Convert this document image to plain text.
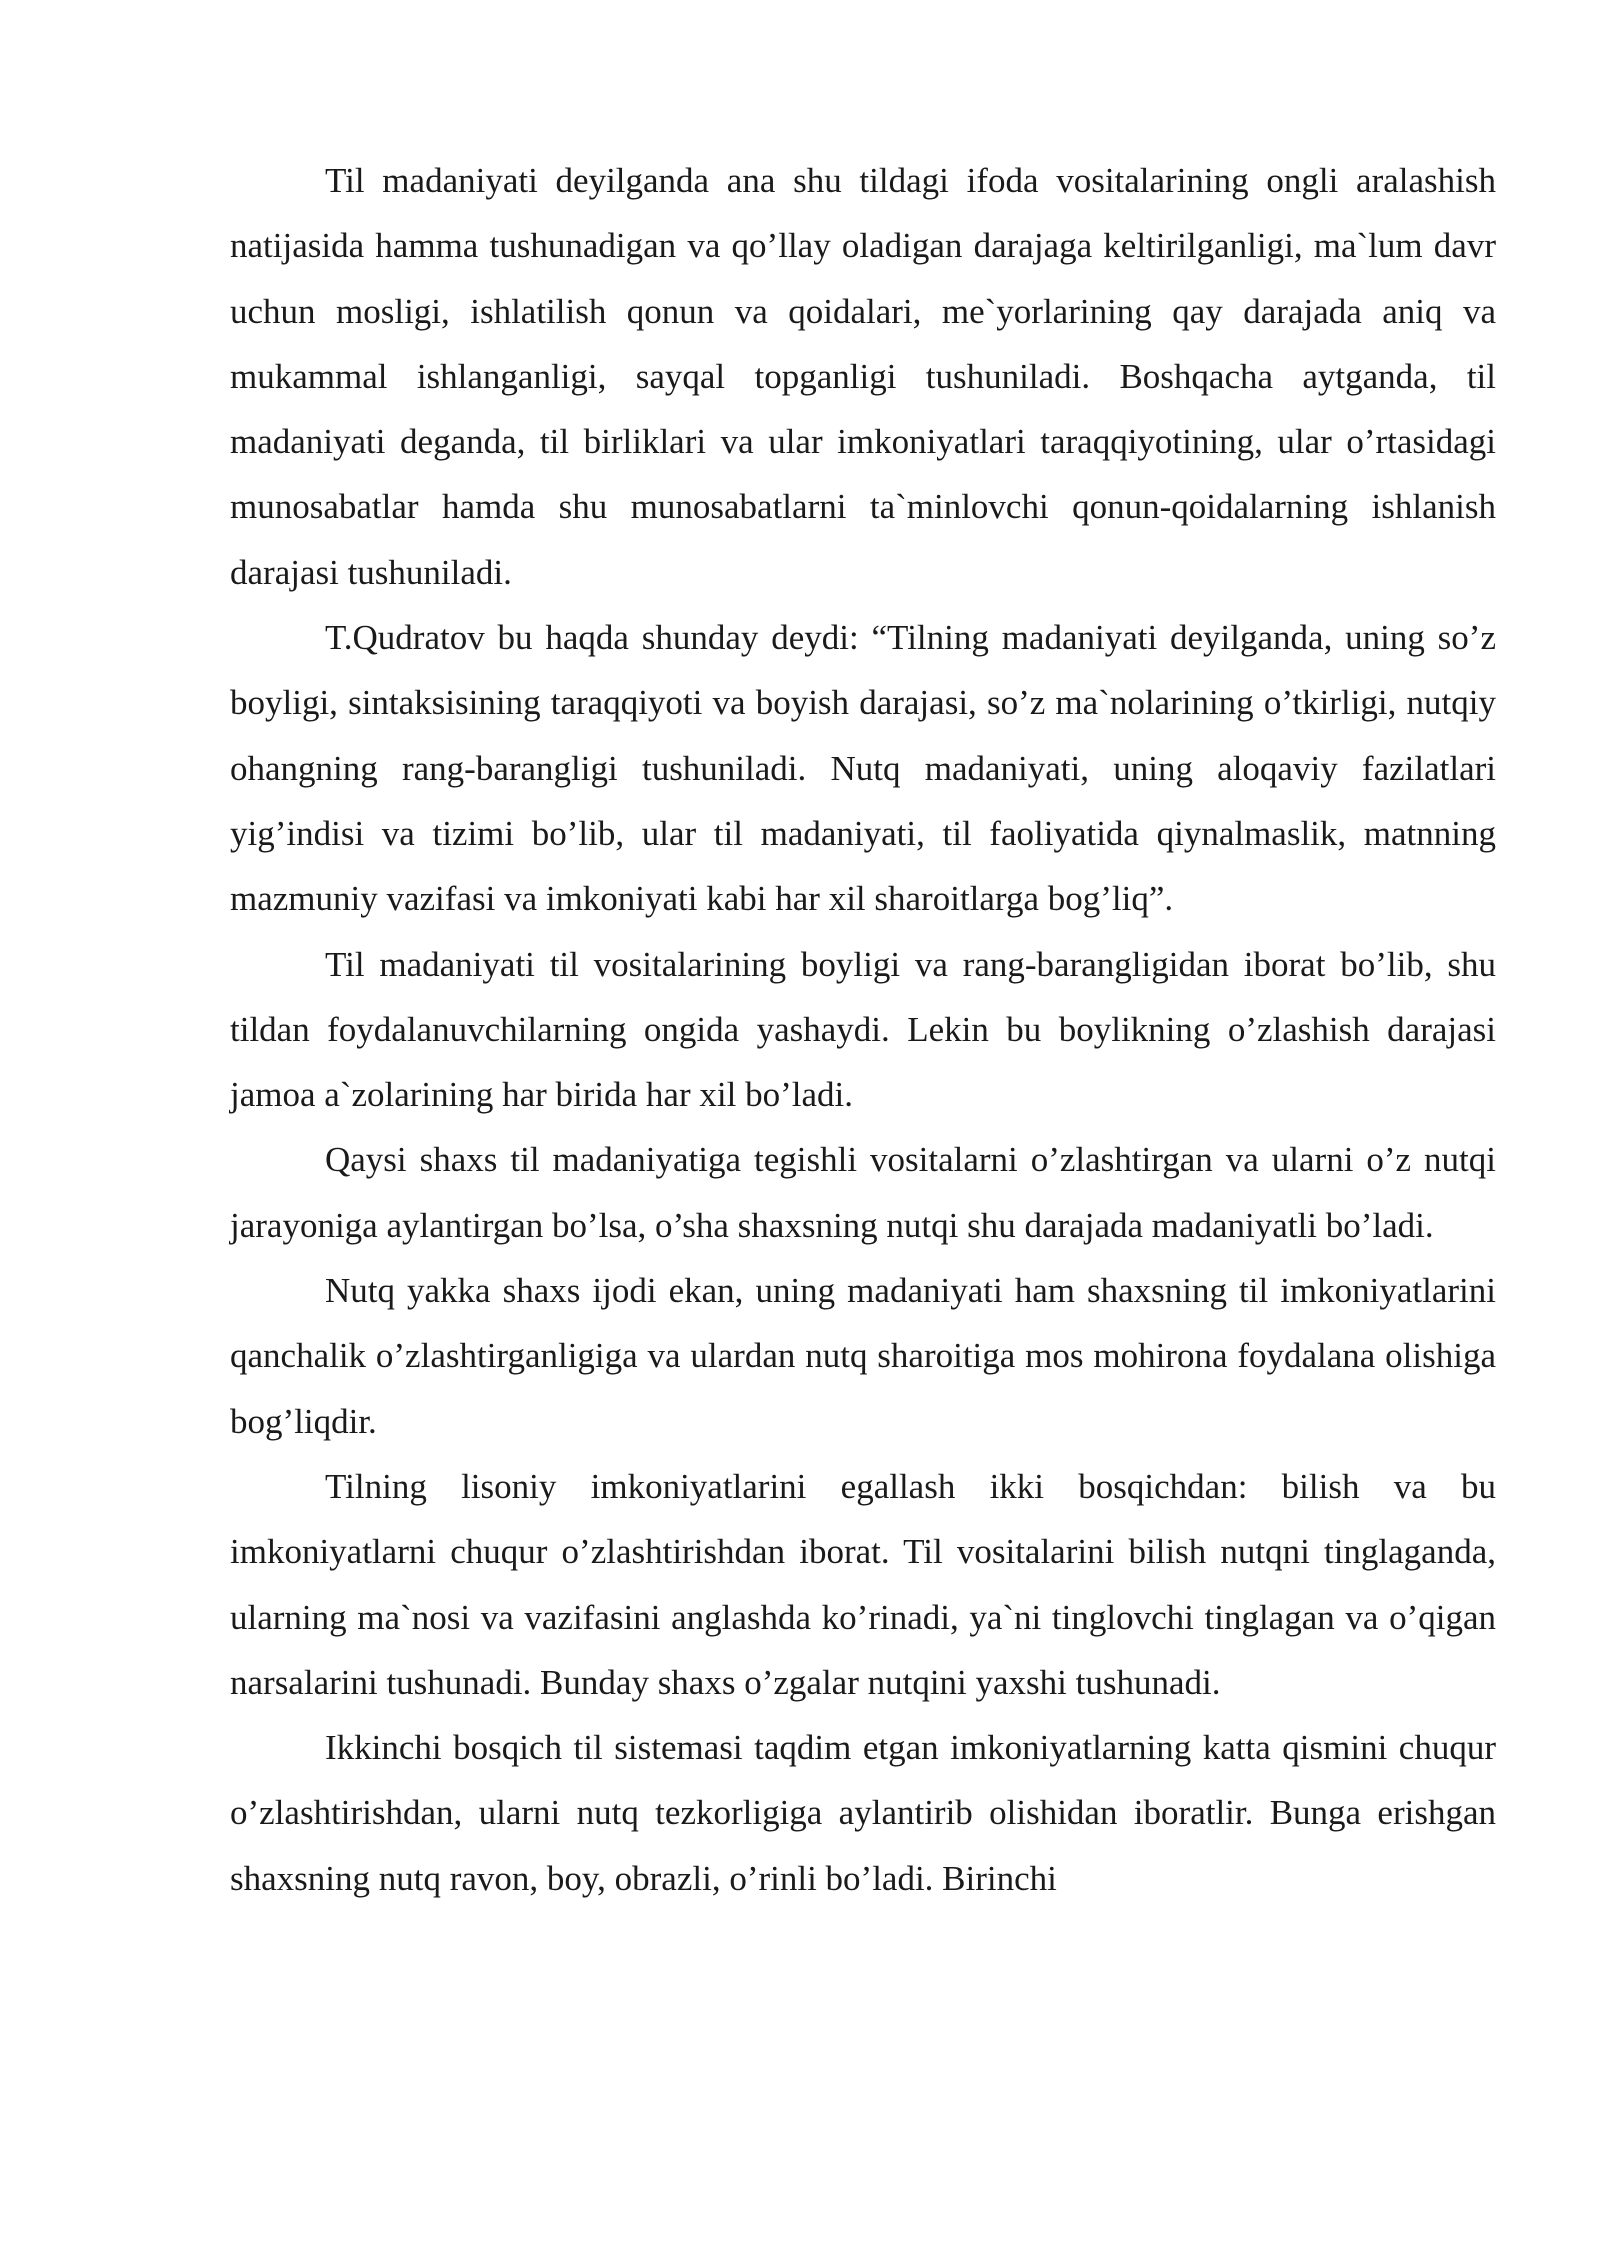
Til madaniyati deyilganda ana shu tildagi ifoda vositalarining ongli aralashish natijasida hamma tushunadigan va qo’llay oladigan darajaga keltirilganligi, ma`lum davr uchun mosligi, ishlatilish qonun va qoidalari, me`yorlarining qay darajada aniq va mukammal ishlanganligi, sayqal topganligi tushuniladi. Boshqacha aytganda, til madaniyati deganda, til birliklari va ular imkoniyatlari taraqqiyotining, ular o’rtasidagi munosabatlar hamda shu munosabatlarni ta`minlovchi qonun-qoidalarning ishlanish darajasi tushuniladi.

T.Qudratov bu haqda shunday deydi: “Tilning madaniyati deyilganda, uning so’z boyligi, sintaksisining taraqqiyoti va boyish darajasi, so’z ma`nolarining o’tkirligi, nutqiy ohangning rang-barangligi tushuniladi. Nutq madaniyati, uning aloqaviy fazilatlari yig’indisi va tizimi bo’lib, ular til madaniyati, til faoliyatida qiynalmaslik, matnning mazmuniy vazifasi va imkoniyati kabi har xil sharoitlarga bog’liq”.

Til madaniyati til vositalarining boyligi va rang-barangligidan iborat bo’lib, shu tildan foydalanuvchilarning ongida yashaydi. Lekin bu boylikning o’zlashish darajasi jamoa a`zolarining har birida har xil bo’ladi.

Qaysi shaxs til madaniyatiga tegishli vositalarni o’zlashtirgan va ularni o’z nutqi jarayoniga aylantirgan bo’lsa, o’sha shaxsning nutqi shu darajada madaniyatli bo’ladi.

Nutq yakka shaxs ijodi ekan, uning madaniyati ham shaxsning til imkoniyatlarini qanchalik o’zlashtirganligiga va ulardan nutq sharoitiga mos mohirona foydalana olishiga bog’liqdir.

Tilning lisoniy imkoniyatlarini egallash ikki bosqichdan: bilish va bu imkoniyatlarni chuqur o’zlashtirishdan iborat. Til vositalarini bilish nutqni tinglaganda, ularning ma`nosi va vazifasini anglashda ko’rinadi, ya`ni tinglovchi tinglagan va o’qigan narsalarini tushunadi. Bunday shaxs o’zgalar nutqini yaxshi tushunadi.

Ikkinchi bosqich til sistemasi taqdim etgan imkoniyatlarning katta qismini chuqur o’zlashtirishdan, ularni nutq tezkorligiga aylantirib olishidan iboratlir. Bunga erishgan shaxsning nutq ravon, boy, obrazli, o’rinli bo’ladi. Birinchi
